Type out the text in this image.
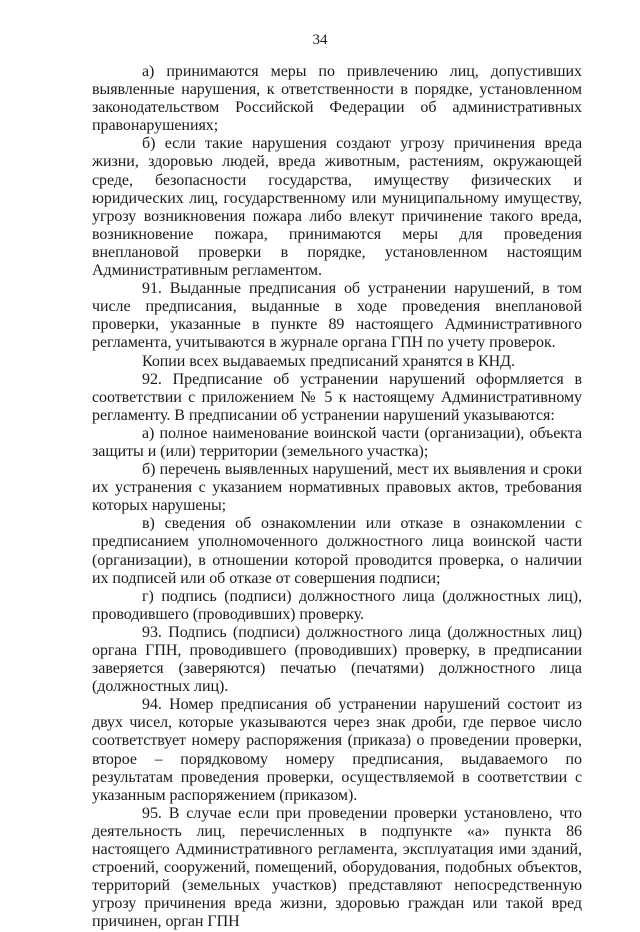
34

а) принимаются меры по привлечению лиц, допустивших выявленные нарушения, к ответственности в порядке, установленном законодательством Российской Федерации об административных правонарушениях;

б) если такие нарушения создают угрозу причинения вреда жизни, здоровью людей, вреда животным, растениям, окружающей среде, безопасности государства, имуществу физических и юридических лиц, государственному или муниципальному имуществу, угрозу возникновения пожара либо влекут причинение такого вреда, возникновение пожара, принимаются меры для проведения внеплановой проверки в порядке, установленном настоящим Административным регламентом.

91. Выданные предписания об устранении нарушений, в том числе предписания, выданные в ходе проведения внеплановой проверки, указанные в пункте 89 настоящего Административного регламента, учитываются в журнале органа ГПН по учету проверок.

Копии всех выдаваемых предписаний хранятся в КНД.

92. Предписание об устранении нарушений оформляется в соответствии с приложением № 5 к настоящему Административному регламенту. В предписании об устранении нарушений указываются:

а) полное наименование воинской части (организации), объекта защиты и (или) территории (земельного участка);

б) перечень выявленных нарушений, мест их выявления и сроки их устранения с указанием нормативных правовых актов, требования которых нарушены;

в) сведения об ознакомлении или отказе в ознакомлении с предписанием уполномоченного должностного лица воинской части (организации), в отношении которой проводится проверка, о наличии их подписей или об отказе от совершения подписи;

г) подпись (подписи) должностного лица (должностных лиц), проводившего (проводивших) проверку.

93. Подпись (подписи) должностного лица (должностных лиц) органа ГПН, проводившего (проводивших) проверку, в предписании заверяется (заверяются) печатью (печатями) должностного лица (должностных лиц).

94. Номер предписания об устранении нарушений состоит из двух чисел, которые указываются через знак дроби, где первое число соответствует номеру распоряжения (приказа) о проведении проверки, второе – порядковому номеру предписания, выдаваемого по результатам проведения проверки, осуществляемой в соответствии с указанным распоряжением (приказом).

95. В случае если при проведении проверки установлено, что деятельность лиц, перечисленных в подпункте «а» пункта 86 настоящего Административного регламента, эксплуатация ими зданий, строений, сооружений, помещений, оборудования, подобных объектов, территорий (земельных участков) представляют непосредственную угрозу причинения вреда жизни, здоровью граждан или такой вред причинен, орган ГПН
